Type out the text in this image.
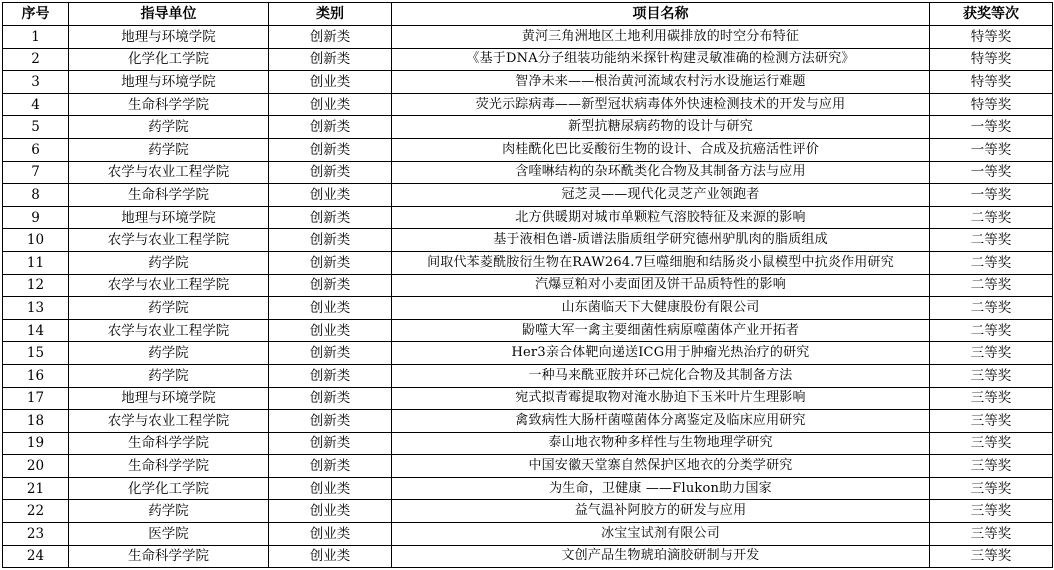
序号	指导单位	类别	项目名称	获奖等次
1	地理与环境学院	创新类	黄河三角洲地区土地利用碳排放的时空分布特征	特等奖
2	化学化工学院	创新类	《基于DNA分子组装功能纳米探针构建灵敏准确的检测方法研究》	特等奖
3	地理与环境学院	创业类	智净未来——根治黄河流域农村污水设施运行难题	特等奖
4	生命科学学院	创业类	荧光示踪病毒——新型冠状病毒体外快速检测技术的开发与应用	特等奖
5	药学院	创新类	新型抗糖尿病药物的设计与研究	一等奖
6	药学院	创新类	肉桂酰化巴比妥酸衍生物的设计、合成及抗癌活性评价	一等奖
7	农学与农业工程学院	创新类	含喹啉结构的杂环酰类化合物及其制备方法与应用	一等奖
8	生命科学学院	创业类	冠芝灵——现代化灵芝产业领跑者	一等奖
9	地理与环境学院	创新类	北方供暖期对城市单颗粒气溶胶特征及来源的影响	二等奖
10	农学与农业工程学院	创新类	基于液相色谱-质谱法脂质组学研究德州驴肌肉的脂质组成	二等奖
11	药学院	创新类	间取代苯菱酰胺衍生物在RAW264.7巨噬细胞和结肠炎小鼠模型中抗炎作用研究	二等奖
12	农学与农业工程学院	创新类	汽爆豆粕对小麦面团及饼干品质特性的影响	二等奖
13	药学院	创业类	山东菌临天下大健康股份有限公司	二等奖
14	农学与农业工程学院	创业类	鼢噬大军一禽主要细菌性病原噬菌体产业开拓者	二等奖
15	药学院	创新类	Her3亲合体靶向递送ICG用于肿瘤光热治疗的研究	三等奖
16	药学院	创新类	一种马来酰亚胺并环己烷化合物及其制备方法	三等奖
17	地理与环境学院	创新类	宛式拟青霉提取物对淹水胁迫下玉米叶片生理影响	三等奖
18	农学与农业工程学院	创新类	禽致病性大肠杆菌噬菌体分离鉴定及临床应用研究	三等奖
19	生命科学学院	创新类	泰山地衣物种多样性与生物地理学研究	三等奖
20	生命科学学院	创新类	中国安徽天堂寨自然保护区地衣的分类学研究	三等奖
21	化学化工学院	创业类	为生命，卫健康 ——Flukon助力国家	三等奖
22	药学院	创业类	益气温补阿胶方的研发与应用	三等奖
23	医学院	创业类	冰宝宝试剂有限公司	三等奖
24	生命科学学院	创业类	文创产品生物琥珀滴胶研制与开发	三等奖
